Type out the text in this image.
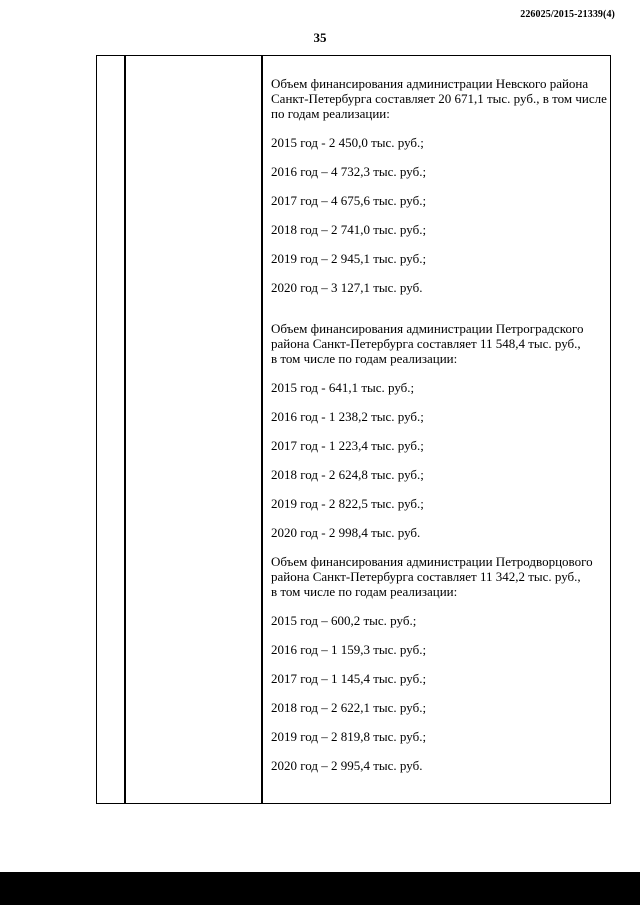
226025/2015-21339(4)
35

Объем финансирования администрации Невского района
Санкт-Петербурга составляет 20 671,1 тыс. руб., в том числе
по годам реализации:

2015 год - 2 450,0 тыс. руб.;

2016 год – 4 732,3 тыс. руб.;

2017 год – 4 675,6 тыс. руб.;

2018 год – 2 741,0 тыс. руб.;

2019 год – 2 945,1 тыс. руб.;

2020 год – 3 127,1 тыс. руб.

Объем финансирования администрации Петроградского
района Санкт-Петербурга составляет 11 548,4 тыс. руб.,
в том числе по годам реализации:

2015 год - 641,1 тыс. руб.;

2016 год - 1 238,2 тыс. руб.;

2017 год - 1 223,4 тыс. руб.;

2018 год - 2 624,8 тыс. руб.;

2019 год - 2 822,5 тыс. руб.;

2020 год - 2 998,4 тыс. руб.

Объем финансирования администрации Петродворцового
района Санкт-Петербурга составляет 11 342,2 тыс. руб.,
в том числе по годам реализации:

2015 год – 600,2 тыс. руб.;

2016 год – 1 159,3 тыс. руб.;

2017 год – 1 145,4 тыс. руб.;

2018 год – 2 622,1 тыс. руб.;

2019 год – 2 819,8 тыс. руб.;

2020 год – 2 995,4 тыс. руб.
